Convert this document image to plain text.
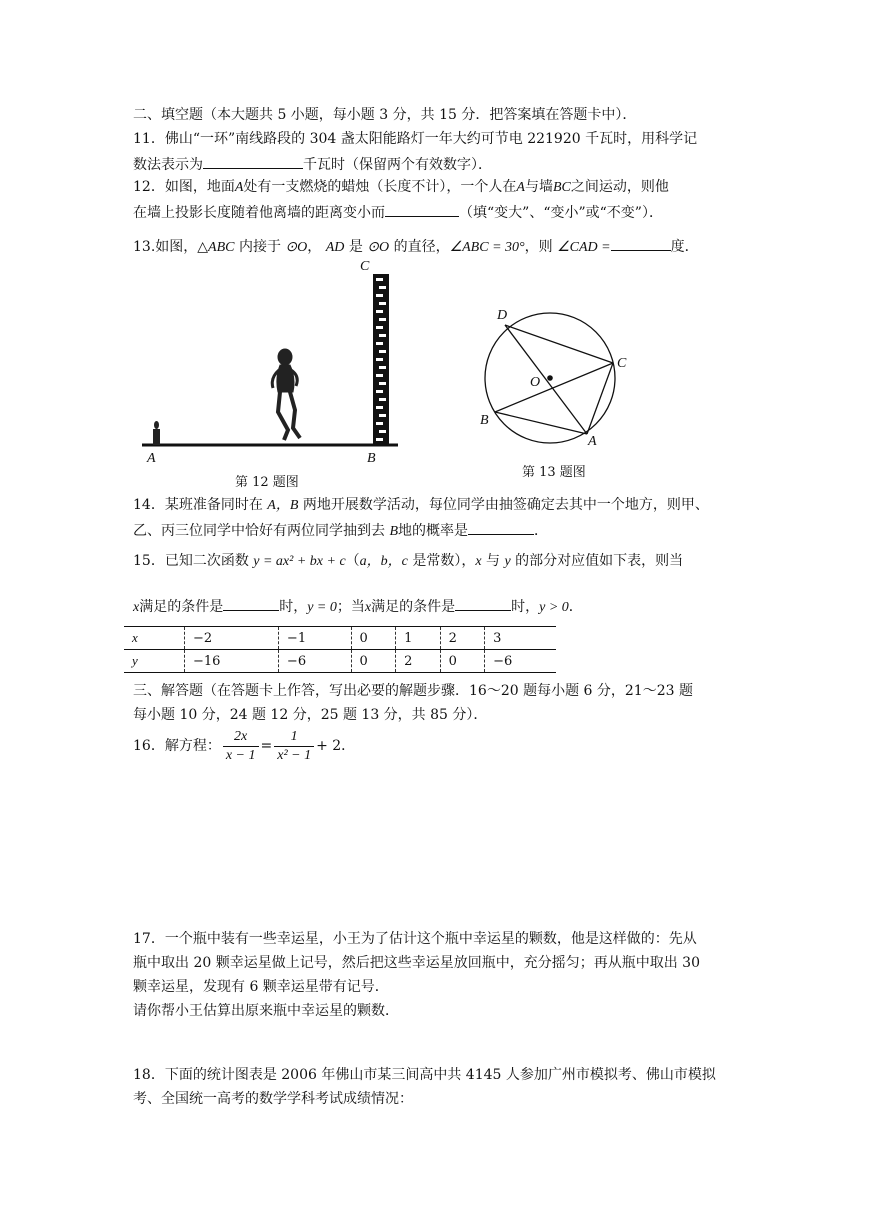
二、填空题（本大题共 5 小题，每小题 3 分，共 15 分．把答案填在答题卡中）．
11．佛山“一环”南线路段的 304 盏太阳能路灯一年大约可节电 221920 千瓦时，用科学记
数法表示为	千瓦时（保留两个有效数字）．
12．如图，地面A处有一支燃烧的蜡烛（长度不计），一个人在A与墙BC之间运动，则他
在墙上投影长度随着他离墙的距离变小而	（填“变大”、“变小”或“不变”）．
13.如图，△ABC 内接于 ⊙O， AD 是 ⊙O 的直径，∠ABC = 30°，则 ∠CAD =	度．
A	B
C
第 12 题图
D
C
O
B
A
第 13 题图
14．某班准备同时在 A，B 两地开展数学活动，每位同学由抽签确定去其中一个地方，则甲、
乙、丙三位同学中恰好有两位同学抽到去 B地的概率是	．
15．已知二次函数 y = ax² + bx + c（a，b，c 是常数），x 与 y 的部分对应值如下表，则当
x满足的条件是	时，y = 0；当x满足的条件是	时，y > 0．
x	−2	−1	0	1	2	3
y	−16	−6	0	2	0	−6
三、解答题（在答题卡上作答，写出必要的解题步骤．16～20 题每小题 6 分，21～23 题
每小题 10 分，24 题 12 分，25 题 13 分，共 85 分）．
16．解方程： $\frac{2x}{x - 1} = \frac{1}{\text{x² − 1}} + 2$．
17．一个瓶中装有一些幸运星，小王为了估计这个瓶中幸运星的颗数，他是这样做的：先从
瓶中取出 20 颗幸运星做上记号，然后把这些幸运星放回瓶中，充分摇匀；再从瓶中取出 30
颗幸运星，发现有 6 颗幸运星带有记号．
请你帮小王估算出原来瓶中幸运星的颗数．
18．下面的统计图表是 2006 年佛山市某三间高中共 4145 人参加广州市模拟考、佛山市模拟
考、全国统一高考的数学学科考试成绩情况：
